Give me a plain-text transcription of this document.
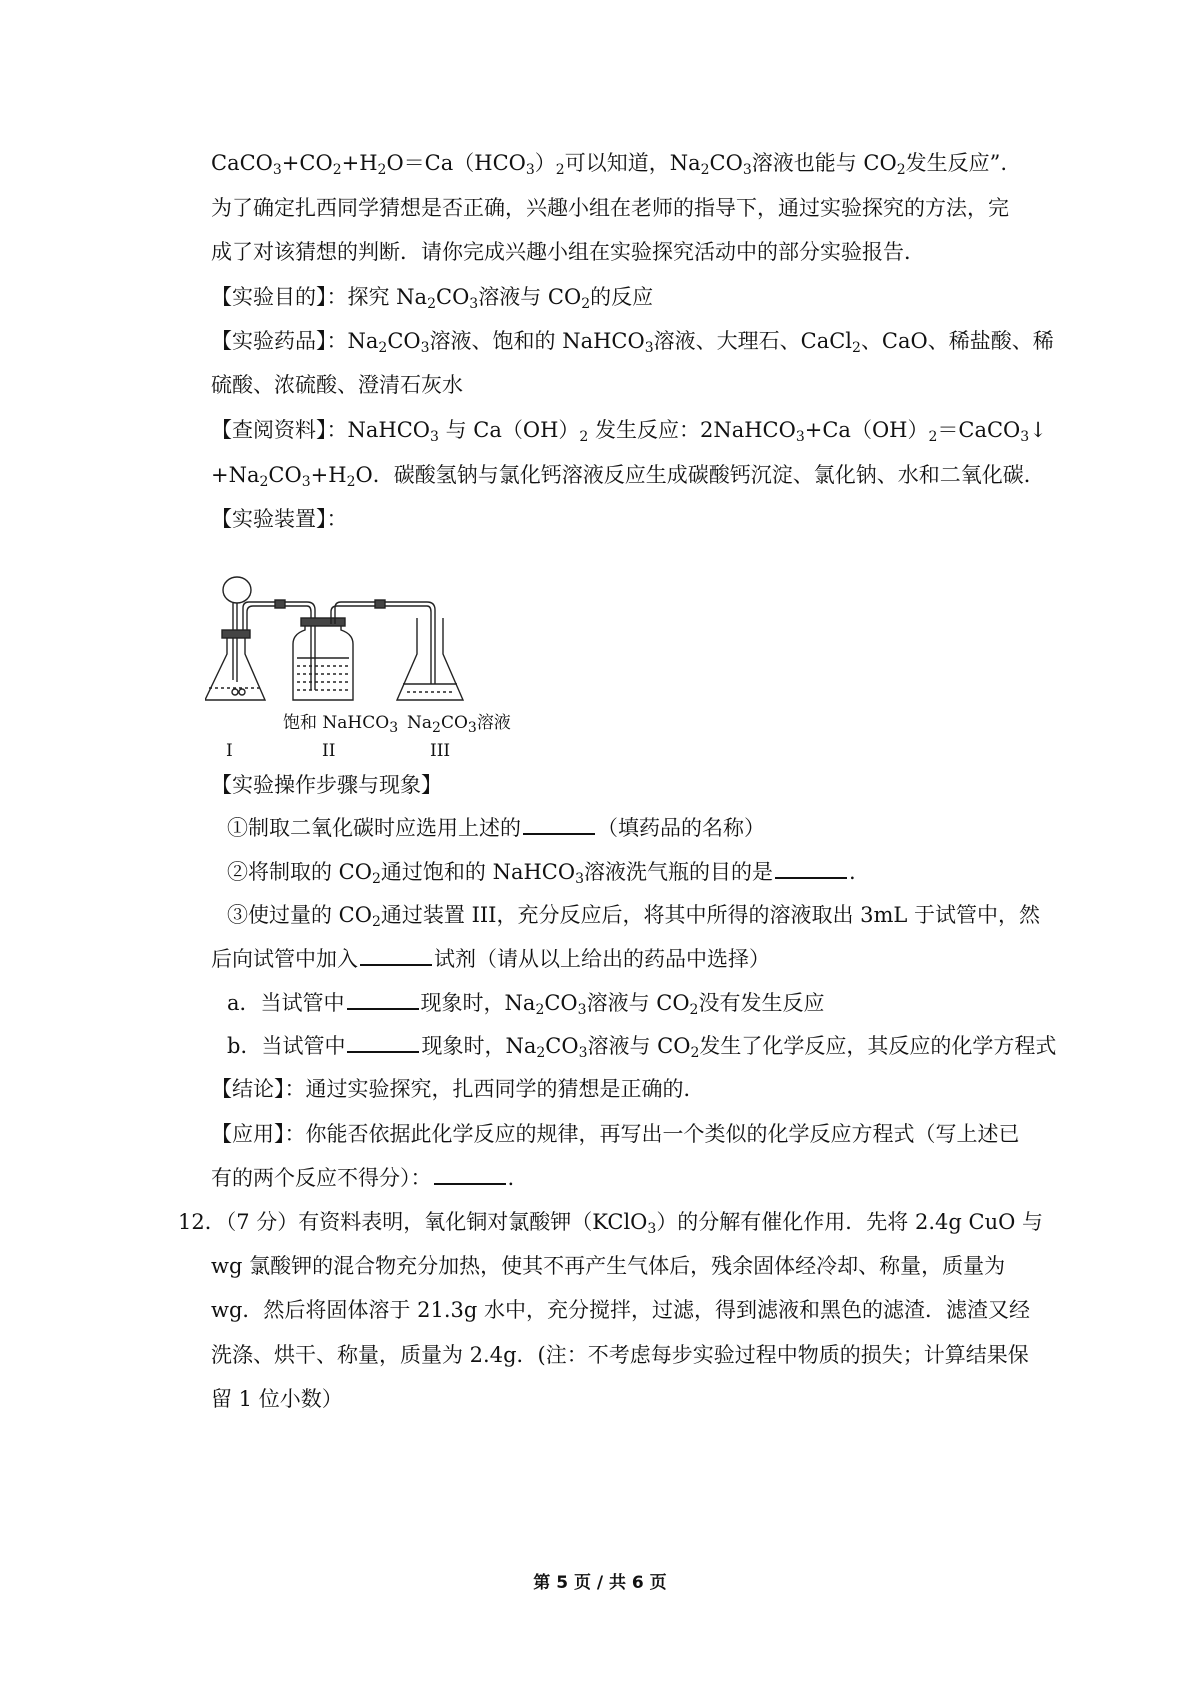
$CaCO_3+CO_2+H_2O=Ca(HCO_3)_2$可以知道，$Na_2CO_3$溶液也能与 $CO_2$发生反应”.
为了确定扎西同学猜想是否正确，兴趣小组在老师的指导下，通过实验探究的方法，完
成了对该猜想的判断．请你完成兴趣小组在实验探究活动中的部分实验报告．
【实验目的】：探究 $Na_2CO_3$溶液与 $CO_2$的反应
【实验药品】：$Na_2CO_3$溶液、饱和的 NaHCO$_3$溶液、大理石、CaCl$_2$、CaO、稀盐酸、稀
硫酸、浓硫酸、澄清石灰水
【查阅资料】：NaHCO$_3$ 与 $Ca(OH)_2$ 发生反应：$2NaHCO_3+Ca(OH)_2=CaCO_3↓$
$+Na_2CO_3+H_2O$．碳酸氢钠与氯化钙溶液反应生成碳酸钙沉淀、氯化钠、水和二氧化碳．
【实验装置】：
饱和 NaHCO$_3$ $Na_2CO_3$溶液
I	II	III
【实验操作步骤与现象】
①制取二氧化碳时应选用上述的	（填药品的名称）
②将制取的 $CO_2$通过饱和的 NaHCO$_3$溶液洗气瓶的目的是	.
③使过量的 $CO_2$通过装置 III，充分反应后，将其中所得的溶液取出 3mL 于试管中，然
后向试管中加入	试剂（请从以上给出的药品中选择）
a．当试管中	现象时，$Na_2CO_3$溶液与 $CO_2$没有发生反应
b．当试管中	现象时，$Na_2CO_3$溶液与 $CO_2$发生了化学反应，其反应的化学方程式
【结论】：通过实验探究，扎西同学的猜想是正确的．
【应用】：你能否依据此化学反应的规律，再写出一个类似的化学反应方程式（写上述已
有的两个反应不得分）：	.
12．（7 分）有资料表明，氧化铜对氯酸钾（KClO$_3$）的分解有催化作用．先将 2.4g CuO 与
wg 氯酸钾的混合物充分加热，使其不再产生气体后，残余固体经冷却、称量，质量为
wg．然后将固体溶于 21.3g 水中，充分搅拌，过滤，得到滤液和黑色的滤渣．滤渣又经
洗涤、烘干、称量，质量为 2.4g．(注：不考虑每步实验过程中物质的损失；计算结果保
留 1 位小数）
第 5 页 / 共 6 页
